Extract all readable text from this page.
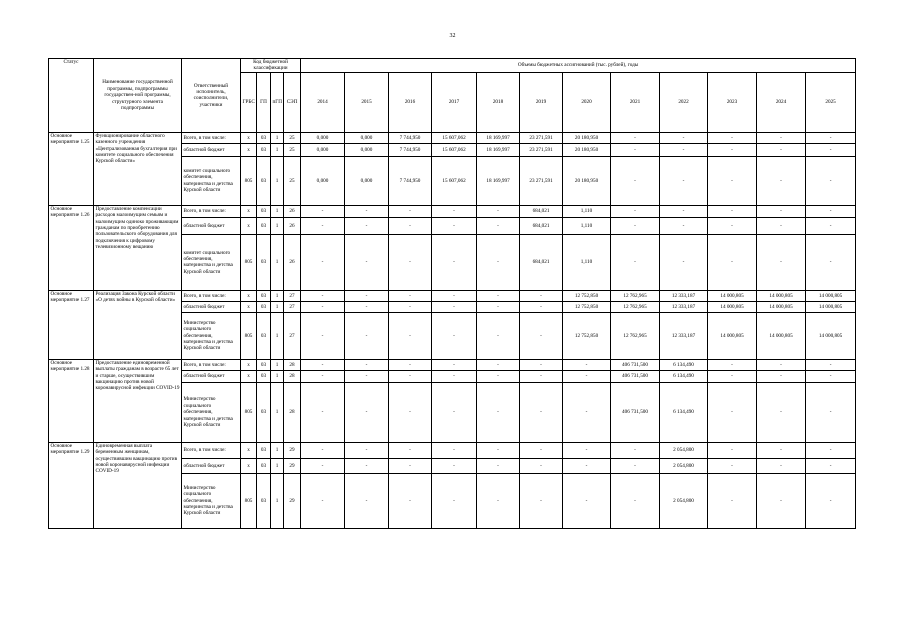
32
Статус	Наименование государственной программы, подпрограммы государствен-ной программы, структурного элемента подпрограммы	Ответственный исполнитель, соисполнители, участники	Код бюджетной классификации				Объемы бюджетных ассигнований (тыс. рублей), годы											
			ГРБС	ГП	пГП	СЭП	2014	2015	2016	2017	2018	2019	2020	2021	2022	2023	2024	2025
Основное мероприятие 1.25	Функционирование областного казенного учреждения «Централизованная бухгалтерия при комитете социального обеспечения Курской области»	Всего, в том числе:	х	03	1	25	0,000	0,000	7 744,950	15 607,062	18 169,997	23 271,591	20 180,950	-	-	-	-	-
		областной бюджет	х	03	1	25	0,000	0,000	7 744,950	15 607,062	18 169,997	23 271,591	20 180,950	-	-	-	-	-
		комитет социального обеспечения, материнства и детства Курской области	805	03	1	25	0,000	0,000	7 744,950	15 607,062	18 169,997	23 271,591	20 180,950	-	-	-	-	-
Основное мероприятие 1.26	Предоставление компенсации расходов малоимущим семьям и малоимущим одиноко проживающим гражданам по приобретению пользовательского оборудования для подключения к цифровому телевизионному вещанию	Всего, в том числе:	х	03	1	26	-	-	-	-	-	684,021	1,110	-	-	-	-	-
		областной бюджет	х	03	1	26	-	-	-	-	-	684,021	1,110	-	-	-	-	-
		комитет социального обеспечения, материнства и детства Курской области	805	03	1	26	-	-	-	-	-	684,021	1,110	-	-	-	-	-
Основное мероприятие 1.27	Реализация Закона Курской области «О детях войны в Курской области»	Всего, в том числе:	х	03	1	27	-	-	-	-	-	-	12 752,850	12 762,965	12 333,187	14 000,805	14 000,805	14 000,805
		областной бюджет	х	03	1	27	-	-	-	-	-	-	12 752,850	12 762,965	12 333,187	14 000,805	14 000,805	14 000,805
		Министерство социального обеспечения, материнства и детства Курской области	805	03	1	27	-	-	-	-	-	-	12 752,850	12 762,965	12 333,187	14 000,805	14 000,805	14 000,805
Основное мероприятие 1.28	Предоставление единовременной выплаты гражданам в возрасте 65 лет и старше, осуществившим вакцинацию против новой коронавирусной инфекции COVID-19	Всего, в том числе:	х	03	1	28	-	-	-	-	-	-	-	406 731,500	6 134,490	-	-	-
		областной бюджет	х	03	1	28	-	-	-	-	-	-	-	406 731,500	6 134,490	-	-	-
		Министерство социального обеспечения, материнства и детства Курской области	805	03	1	28	-	-	-	-	-	-	-	406 731,500	6 134,490	-	-	-
Основное мероприятие 1.29	Единовременная выплата беременным женщинам, осуществившим вакцинацию против новой коронавирусной инфекции COVID-19	Всего, в том числе:	х	03	1	29	-	-	-	-	-	-	-	-	2 054,800	-	-	-
		областной бюджет	х	03	1	29	-	-	-	-	-	-	-	-	2 054,800	-	-	-
		Министерство социального обеспечения, материнства и детства Курской области	805	03	1	29	-	-	-	-	-	-	-	-	2 054,800	-	-	-
